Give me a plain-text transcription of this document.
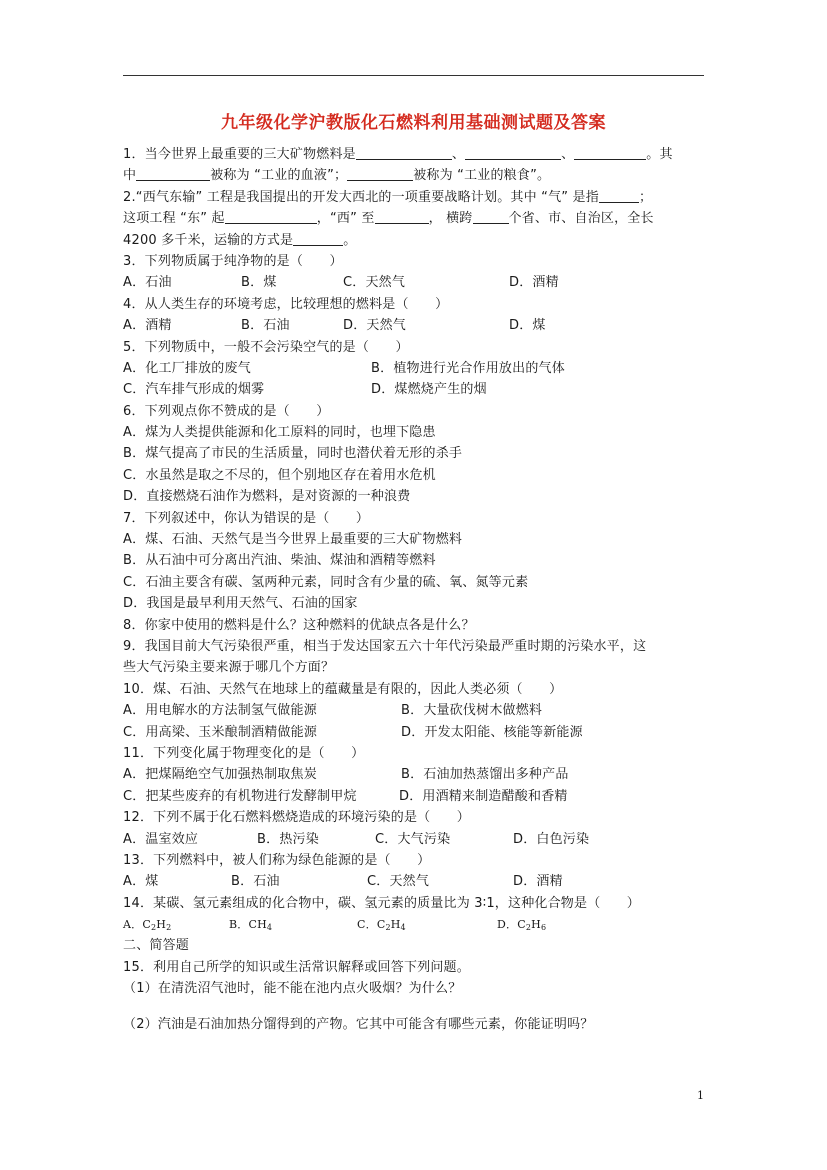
九年级化学沪教版化石燃料利用基础测试题及答案
1．当今世界上最重要的三大矿物燃料是	、	、	。其
中	被称为 “工业的血液”；	被称为 “工业的粮食”。
2.“西气东输” 工程是我国提出的开发大西北的一项重要战略计划。其中 “气” 是指	；
这项工程 “东” 起	，“西” 至	， 横跨	个省、市、自治区，全长
4200 多千米，运输的方式是	。
3．下列物质属于纯净物的是（　　）
A．石油	B．煤	C．天然气	D．酒精
4．从人类生存的环境考虑，比较理想的燃料是（　　）
A．酒精	B．石油	D．天然气	D．煤
5．下列物质中，一般不会污染空气的是（　　）
A．化工厂排放的废气	B．植物进行光合作用放出的气体
C．汽车排气形成的烟雾	D．煤燃烧产生的烟
6．下列观点你不赞成的是（　　）
A．煤为人类提供能源和化工原料的同时，也埋下隐患
B．煤气提高了市民的生活质量，同时也潜伏着无形的杀手
C．水虽然是取之不尽的，但个别地区存在着用水危机
D．直接燃烧石油作为燃料，是对资源的一种浪费
7．下列叙述中，你认为错误的是（　　）
A．煤、石油、天然气是当今世界上最重要的三大矿物燃料
B．从石油中可分离出汽油、柴油、煤油和酒精等燃料
C．石油主要含有碳、氢两种元素，同时含有少量的硫、氧、氮等元素
D．我国是最早利用天然气、石油的国家
8．你家中使用的燃料是什么？这种燃料的优缺点各是什么？
9．我国目前大气污染很严重，相当于发达国家五六十年代污染最严重时期的污染水平，这
些大气污染主要来源于哪几个方面？
10．煤、石油、天然气在地球上的蕴藏量是有限的，因此人类必须（　　）
A．用电解水的方法制氢气做能源	B．大量砍伐树木做燃料
C．用高梁、玉米酿制酒精做能源	D．开发太阳能、核能等新能源
11．下列变化属于物理变化的是（　　）
A．把煤隔绝空气加强热制取焦炭	B．石油加热蒸馏出多种产品
C．把某些废弃的有机物进行发酵制甲烷	D．用酒精来制造醋酸和香精
12．下列不属于化石燃料燃烧造成的环境污染的是（　　）
A．温室效应	B．热污染	C．大气污染	D．白色污染
13．下列燃料中，被人们称为绿色能源的是（　　）
A．煤	B．石油	C．天然气	D．酒精
14．某碳、氢元素组成的化合物中，碳、氢元素的质量比为 3∶1，这种化合物是（　　）
A．$C_2H_2$	B．$CH_4$	C．$C_2H_4$	D．$C_2H_6$
二、简答题
15．利用自己所学的知识或生活常识解释或回答下列问题。
（1）在清洗沼气池时，能不能在池内点火吸烟？为什么？
（2）汽油是石油加热分馏得到的产物。它其中可能含有哪些元素，你能证明吗？
1
